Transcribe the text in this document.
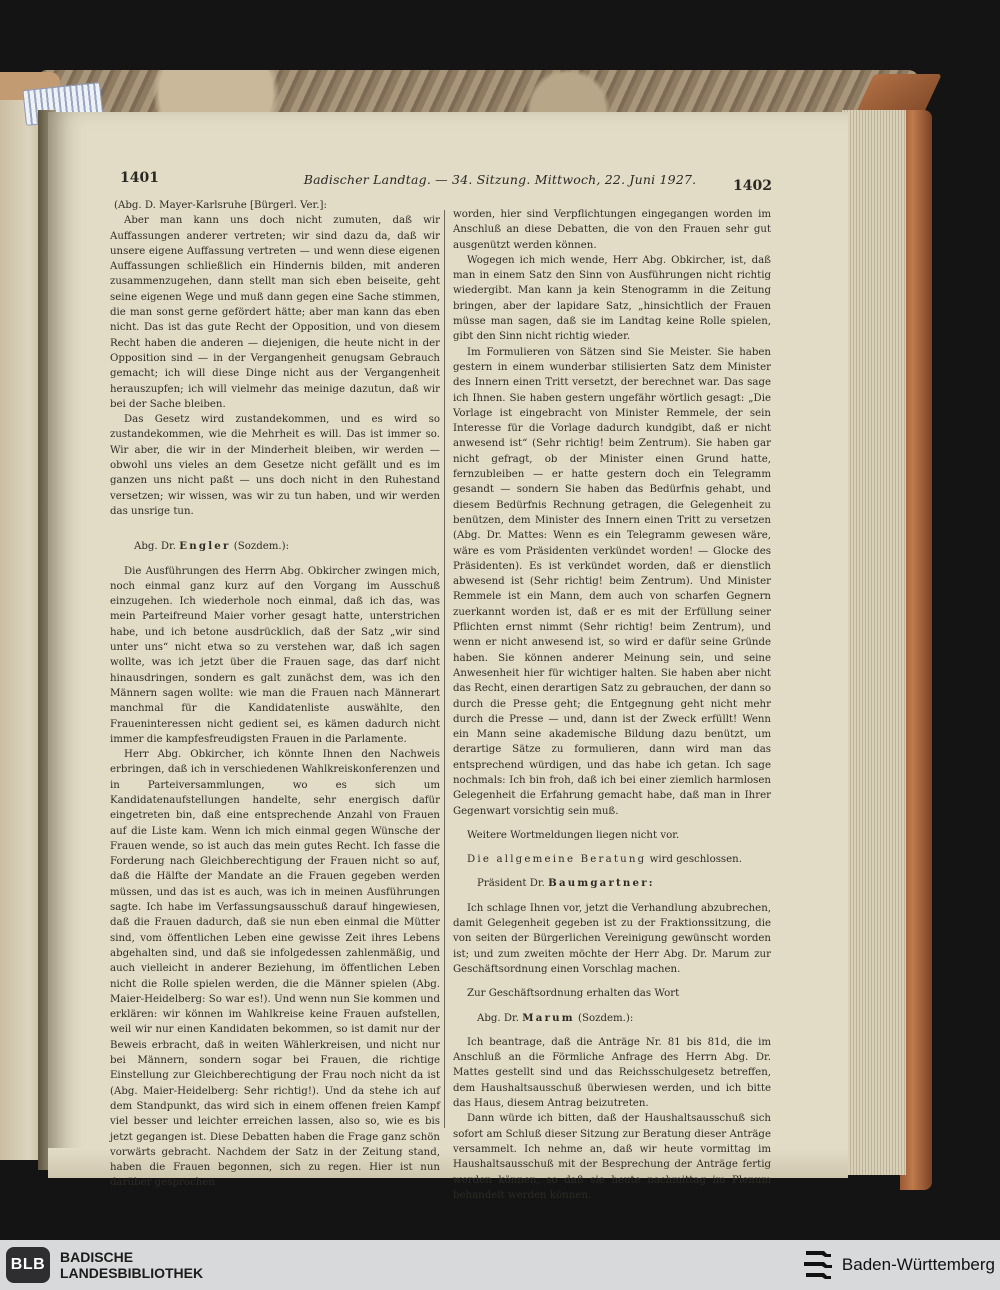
1401	Badischer Landtag. — 34. Sitzung. Mittwoch, 22. Juni 1927.	1402

(Abg. D. Mayer-Karlsruhe [Bürgerl. Ver.]:

Aber man kann uns doch nicht zumuten, daß wir Auffassungen anderer vertreten; wir sind dazu da, daß wir unsere eigene Auffassung vertreten — und wenn diese eigenen Auffassungen schließlich ein Hindernis bilden, mit anderen zusammenzugehen, dann stellt man sich eben beiseite, geht seine eigenen Wege und muß dann gegen eine Sache stimmen, die man sonst gerne gefördert hätte; aber man kann das eben nicht. Das ist das gute Recht der Opposition, und von diesem Recht haben die anderen — diejenigen, die heute nicht in der Opposition sind — in der Vergangenheit genugsam Gebrauch gemacht; ich will diese Dinge nicht aus der Vergangenheit herauszupfen; ich will vielmehr das meinige dazutun, daß wir bei der Sache bleiben.

Das Gesetz wird zustandekommen, und es wird so zustandekommen, wie die Mehrheit es will. Das ist immer so. Wir aber, die wir in der Minderheit bleiben, wir werden — obwohl uns vieles an dem Gesetze nicht gefällt und es im ganzen uns nicht paßt — uns doch nicht in den Ruhestand versetzen; wir wissen, was wir zu tun haben, und wir werden das unsrige tun.

Abg. Dr. Engler (Sozdem.):

Die Ausführungen des Herrn Abg. Obkircher zwingen mich, noch einmal ganz kurz auf den Vorgang im Ausschuß einzugehen. Ich wiederhole noch einmal, daß ich das, was mein Parteifreund Maier vorher gesagt hatte, unterstrichen habe, und ich betone ausdrücklich, daß der Satz „wir sind unter uns“ nicht etwa so zu verstehen war, daß ich sagen wollte, was ich jetzt über die Frauen sage, das darf nicht hinausdringen, sondern es galt zunächst dem, was ich den Männern sagen wollte: wie man die Frauen nach Männerart manchmal für die Kandidatenliste auswählte, den Fraueninteressen nicht gedient sei, es kämen dadurch nicht immer die kampfesfreudigsten Frauen in die Parlamente.

Herr Abg. Obkircher, ich könnte Ihnen den Nachweis erbringen, daß ich in verschiedenen Wahlkreiskonferenzen und in Parteiversammlungen, wo es sich um Kandidatenaufstellungen handelte, sehr energisch dafür eingetreten bin, daß eine entsprechende Anzahl von Frauen auf die Liste kam. Wenn ich mich einmal gegen Wünsche der Frauen wende, so ist auch das mein gutes Recht. Ich fasse die Forderung nach Gleichberechtigung der Frauen nicht so auf, daß die Hälfte der Mandate an die Frauen gegeben werden müssen, und das ist es auch, was ich in meinen Ausführungen sagte. Ich habe im Verfassungsausschuß darauf hingewiesen, daß die Frauen dadurch, daß sie nun eben einmal die Mütter sind, vom öffentlichen Leben eine gewisse Zeit ihres Lebens abgehalten sind, und daß sie infolgedessen zahlenmäßig, und auch vielleicht in anderer Beziehung, im öffentlichen Leben nicht die Rolle spielen werden, die die Männer spielen (Abg. Maier-Heidelberg: So war es!). Und wenn nun Sie kommen und erklären: wir können im Wahlkreise keine Frauen aufstellen, weil wir nur einen Kandidaten bekommen, so ist damit nur der Beweis erbracht, daß in weiten Wählerkreisen, und nicht nur bei Männern, sondern sogar bei Frauen, die richtige Einstellung zur Gleichberechtigung der Frau noch nicht da ist (Abg. Maier-Heidelberg: Sehr richtig!). Und da stehe ich auf dem Standpunkt, das wird sich in einem offenen freien Kampf viel besser und leichter erreichen lassen, also so, wie es bis jetzt gegangen ist. Diese Debatten haben die Frage ganz schön vorwärts gebracht. Nachdem der Satz in der Zeitung stand, haben die Frauen begonnen, sich zu regen. Hier ist nun darüber gesprochen

worden, hier sind Verpflichtungen eingegangen worden im Anschluß an diese Debatten, die von den Frauen sehr gut ausgenützt werden können.

Wogegen ich mich wende, Herr Abg. Obkircher, ist, daß man in einem Satz den Sinn von Ausführungen nicht richtig wiedergibt. Man kann ja kein Stenogramm in die Zeitung bringen, aber der lapidare Satz, „hinsichtlich der Frauen müsse man sagen, daß sie im Landtag keine Rolle spielen, gibt den Sinn nicht richtig wieder.

Im Formulieren von Sätzen sind Sie Meister. Sie haben gestern in einem wunderbar stilisierten Satz dem Minister des Innern einen Tritt versetzt, der berechnet war. Das sage ich Ihnen. Sie haben gestern ungefähr wörtlich gesagt: „Die Vorlage ist eingebracht von Minister Remmele, der sein Interesse für die Vorlage dadurch kundgibt, daß er nicht anwesend ist“ (Sehr richtig! beim Zentrum). Sie haben gar nicht gefragt, ob der Minister einen Grund hatte, fernzubleiben — er hatte gestern doch ein Telegramm gesandt — sondern Sie haben das Bedürfnis gehabt, und diesem Bedürfnis Rechnung getragen, die Gelegenheit zu benützen, dem Minister des Innern einen Tritt zu versetzen (Abg. Dr. Mattes: Wenn es ein Telegramm gewesen wäre, wäre es vom Präsidenten verkündet worden! — Glocke des Präsidenten). Es ist verkündet worden, daß er dienstlich abwesend ist (Sehr richtig! beim Zentrum). Und Minister Remmele ist ein Mann, dem auch von scharfen Gegnern zuerkannt worden ist, daß er es mit der Erfüllung seiner Pflichten ernst nimmt (Sehr richtig! beim Zentrum), und wenn er nicht anwesend ist, so wird er dafür seine Gründe haben. Sie können anderer Meinung sein, und seine Anwesenheit hier für wichtiger halten. Sie haben aber nicht das Recht, einen derartigen Satz zu gebrauchen, der dann so durch die Presse geht; die Entgegnung geht nicht mehr durch die Presse — und, dann ist der Zweck erfüllt! Wenn ein Mann seine akademische Bildung dazu benützt, um derartige Sätze zu formulieren, dann wird man das entsprechend würdigen, und das habe ich getan. Ich sage nochmals: Ich bin froh, daß ich bei einer ziemlich harmlosen Gelegenheit die Erfahrung gemacht habe, daß man in Ihrer Gegenwart vorsichtig sein muß.

Weitere Wortmeldungen liegen nicht vor.

Die allgemeine Beratung wird geschlossen.

Präsident Dr. Baumgartner:

Ich schlage Ihnen vor, jetzt die Verhandlung abzubrechen, damit Gelegenheit gegeben ist zu der Fraktionssitzung, die von seiten der Bürgerlichen Vereinigung gewünscht worden ist; und zum zweiten möchte der Herr Abg. Dr. Marum zur Geschäftsordnung einen Vorschlag machen.

Zur Geschäftsordnung erhalten das Wort

Abg. Dr. Marum (Sozdem.):

Ich beantrage, daß die Anträge Nr. 81 bis 81d, die im Anschluß an die Förmliche Anfrage des Herrn Abg. Dr. Mattes gestellt sind und das Reichsschulgesetz betreffen, dem Haushaltsausschuß überwiesen werden, und ich bitte das Haus, diesem Antrag beizutreten.

Dann würde ich bitten, daß der Haushaltsausschuß sich sofort am Schluß dieser Sitzung zur Beratung dieser Anträge versammelt. Ich nehme an, daß wir heute vormittag im Haushaltsausschuß mit der Besprechung der Anträge fertig werden können, so daß sie heute nachmittag im Plenum behandelt werden können.

BLB	BADISCHE
LANDESBIBLIOTHEK	Baden-Württemberg
